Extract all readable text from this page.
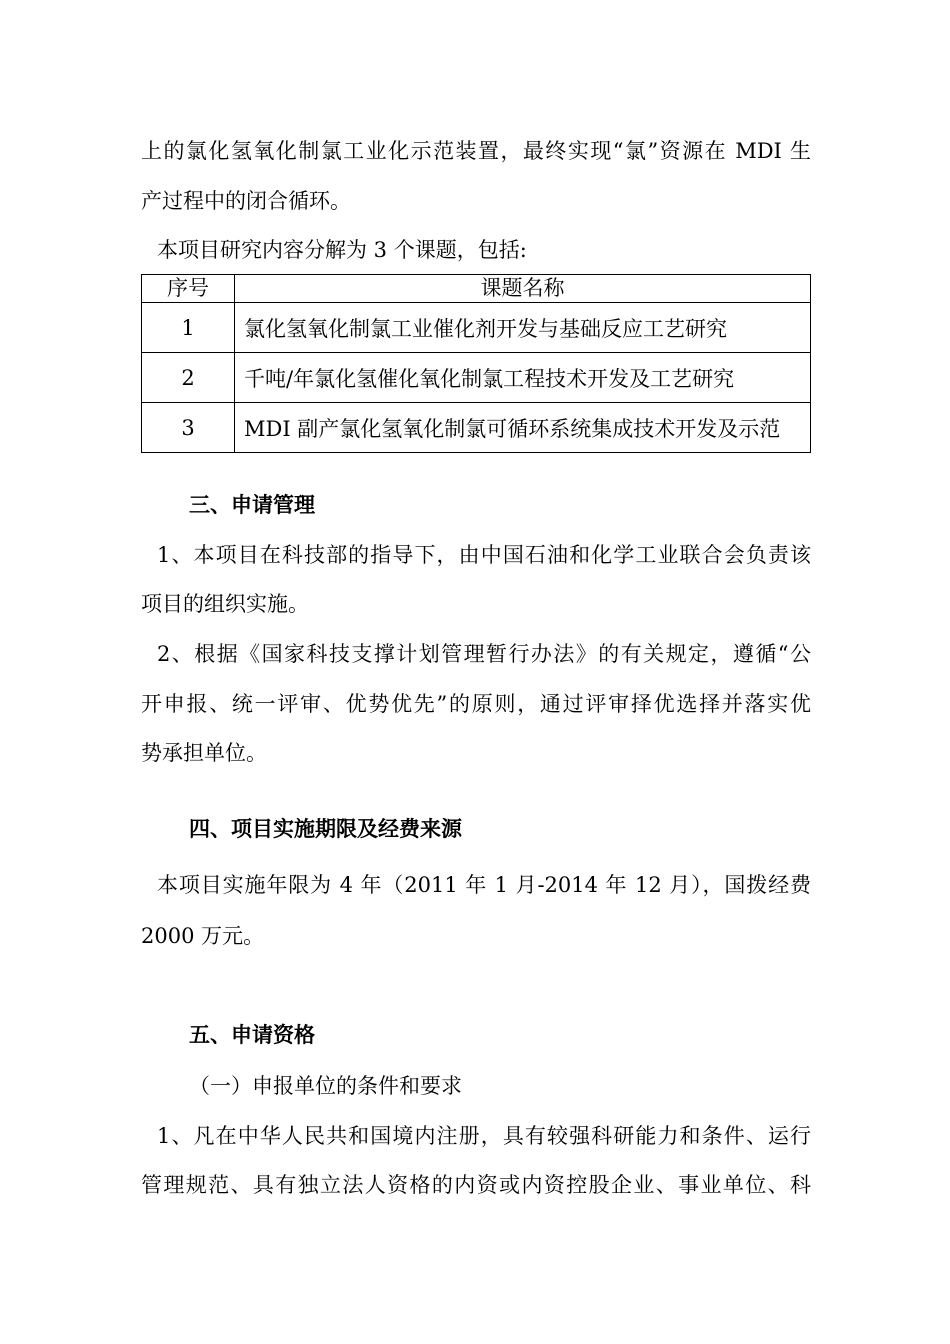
上的氯化氢氧化制氯工业化示范装置，最终实现“氯”资源在 MDI 生
产过程中的闭合循环。
本项目研究内容分解为 3 个课题，包括:
序号	课题名称
1	氯化氢氧化制氯工业催化剂开发与基础反应工艺研究
2	千吨/年氯化氢催化氧化制氯工程技术开发及工艺研究
3	MDI 副产氯化氢氧化制氯可循环系统集成技术开发及示范
三、申请管理
1、本项目在科技部的指导下，由中国石油和化学工业联合会负责该
项目的组织实施。
2、根据《国家科技支撑计划管理暂行办法》的有关规定，遵循“公
开申报、统一评审、优势优先”的原则，通过评审择优选择并落实优
势承担单位。
四、项目实施期限及经费来源
本项目实施年限为 4 年（2011 年 1 月-2014 年 12 月），国拨经费
2000 万元。
五、申请资格
（一）申报单位的条件和要求
1、凡在中华人民共和国境内注册，具有较强科研能力和条件、运行
管理规范、具有独立法人资格的内资或内资控股企业、事业单位、科
